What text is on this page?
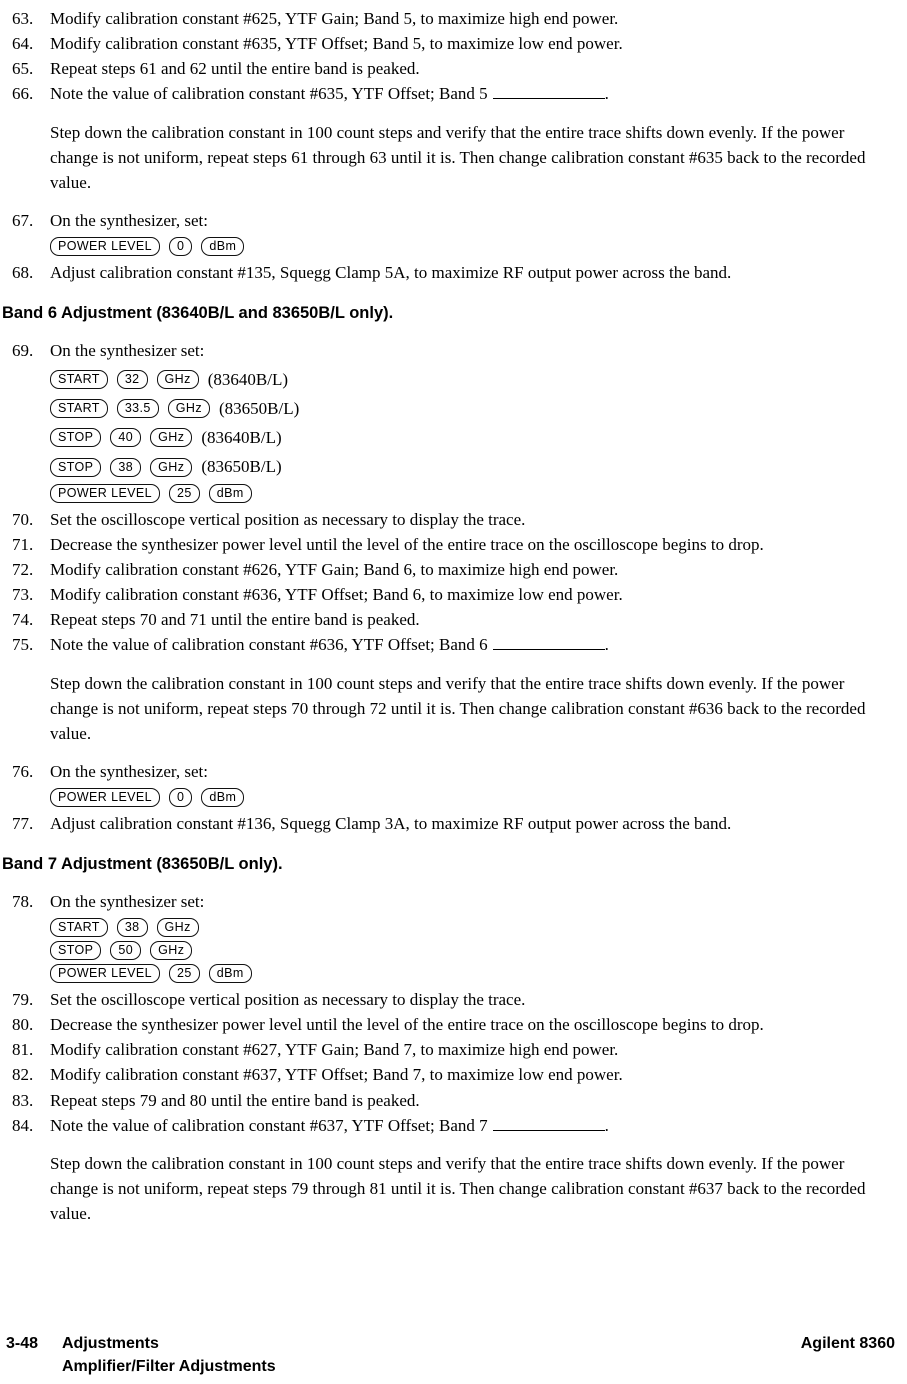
63. Modify calibration constant #625, YTF Gain; Band 5, to maximize high end power.
64. Modify calibration constant #635, YTF Offset; Band 5, to maximize low end power.
65. Repeat steps 61 and 62 until the entire band is peaked.
66. Note the value of calibration constant #635, YTF Offset; Band 5	.
Step down the calibration constant in 100 count steps and verify that the entire trace shifts down evenly. If the power change is not uniform, repeat steps 61 through 63 until it is. Then change calibration constant #635 back to the recorded value.
67. On the synthesizer, set:
POWER LEVEL	0	dBm
68. Adjust calibration constant #135, Squegg Clamp 5A, to maximize RF output power across the band.
Band 6 Adjustment (83640B/L and 83650B/L only).
69. On the synthesizer set:
START	32	GHz	(83640B/L)
START	33.5	GHz	(83650B/L)
STOP	40	GHz	(83640B/L)
STOP	38	GHz	(83650B/L)
POWER LEVEL	25	dBm
70. Set the oscilloscope vertical position as necessary to display the trace.
71. Decrease the synthesizer power level until the level of the entire trace on the oscilloscope begins to drop.
72. Modify calibration constant #626, YTF Gain; Band 6, to maximize high end power.
73. Modify calibration constant #636, YTF Offset; Band 6, to maximize low end power.
74. Repeat steps 70 and 71 until the entire band is peaked.
75. Note the value of calibration constant #636, YTF Offset; Band 6	.
Step down the calibration constant in 100 count steps and verify that the entire trace shifts down evenly. If the power change is not uniform, repeat steps 70 through 72 until it is. Then change calibration constant #636 back to the recorded value.
76. On the synthesizer, set:
POWER LEVEL	0	dBm
77. Adjust calibration constant #136, Squegg Clamp 3A, to maximize RF output power across the band.
Band 7 Adjustment (83650B/L only).
78. On the synthesizer set:
START	38	GHz
STOP	50	GHz
POWER LEVEL	25	dBm
79. Set the oscilloscope vertical position as necessary to display the trace.
80. Decrease the synthesizer power level until the level of the entire trace on the oscilloscope begins to drop.
81. Modify calibration constant #627, YTF Gain; Band 7, to maximize high end power.
82. Modify calibration constant #637, YTF Offset; Band 7, to maximize low end power.
83. Repeat steps 79 and 80 until the entire band is peaked.
84. Note the value of calibration constant #637, YTF Offset; Band 7	.
Step down the calibration constant in 100 count steps and verify that the entire trace shifts down evenly. If the power change is not uniform, repeat steps 79 through 81 until it is. Then change calibration constant #637 back to the recorded value.
3-48	Adjustments	Agilent 8360
Amplifier/Filter Adjustments
